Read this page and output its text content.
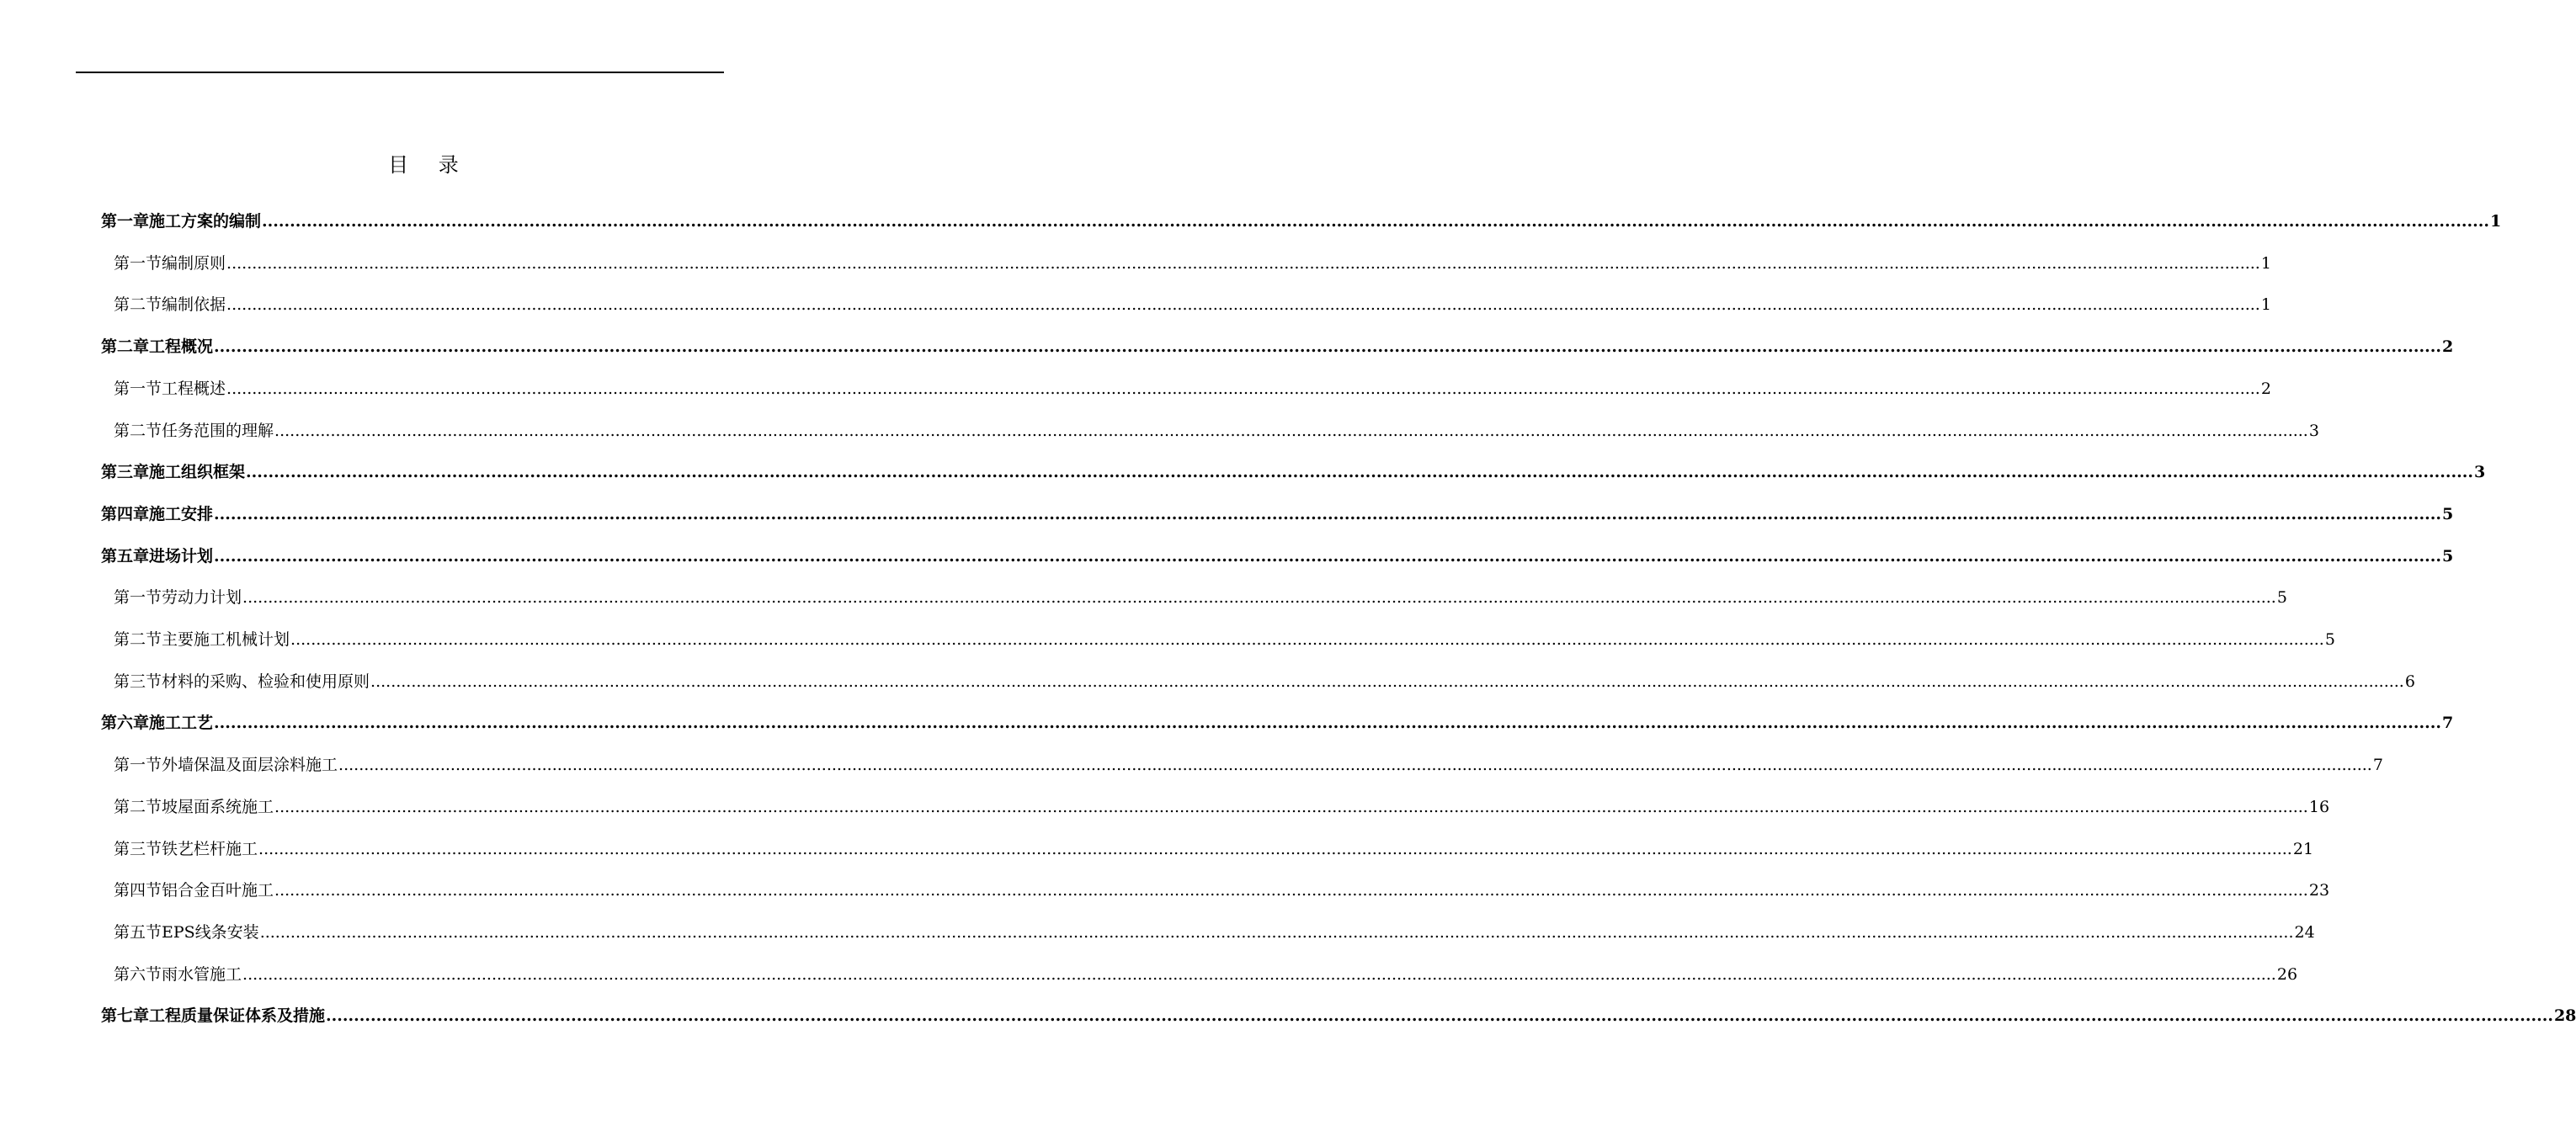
目 录
第一章 施工方案的编制 ................................................................................................................................................................................................................................................................................................................................................................................................................ 1
第一节 编制原则 ................................................................................................................................................................................................................................................................................................................................................................................................................ 1
第二节 编制依据 ................................................................................................................................................................................................................................................................................................................................................................................................................ 1
第二章 工程概况 ................................................................................................................................................................................................................................................................................................................................................................................................................ 2
第一节 工程概述 ................................................................................................................................................................................................................................................................................................................................................................................................................ 2
第二节 任务范围的理解 ................................................................................................................................................................................................................................................................................................................................................................................................................ 3
第三章 施工组织框架 ................................................................................................................................................................................................................................................................................................................................................................................................................ 3
第四章 施工安排 ................................................................................................................................................................................................................................................................................................................................................................................................................ 5
第五章 进场计划 ................................................................................................................................................................................................................................................................................................................................................................................................................ 5
第一节 劳动力计划 ................................................................................................................................................................................................................................................................................................................................................................................................................ 5
第二节 主要施工机械计划 ................................................................................................................................................................................................................................................................................................................................................................................................................ 5
第三节 材料的采购、检验和使用原则 ................................................................................................................................................................................................................................................................................................................................................................................................................ 6
第六章 施工工艺 ................................................................................................................................................................................................................................................................................................................................................................................................................ 7
第一节 外墙保温及面层涂料施工 ................................................................................................................................................................................................................................................................................................................................................................................................................ 7
第二节 坡屋面系统施工 ................................................................................................................................................................................................................................................................................................................................................................................................................ 16
第三节 铁艺栏杆施工 ................................................................................................................................................................................................................................................................................................................................................................................................................ 21
第四节 铝合金百叶施工 ................................................................................................................................................................................................................................................................................................................................................................................................................ 23
第五节 EPS线条安装 ................................................................................................................................................................................................................................................................................................................................................................................................................ 24
第六节 雨水管施工 ................................................................................................................................................................................................................................................................................................................................................................................................................ 26
第七章 工程质量保证体系及措施 ................................................................................................................................................................................................................................................................................................................................................................................................................ 28
